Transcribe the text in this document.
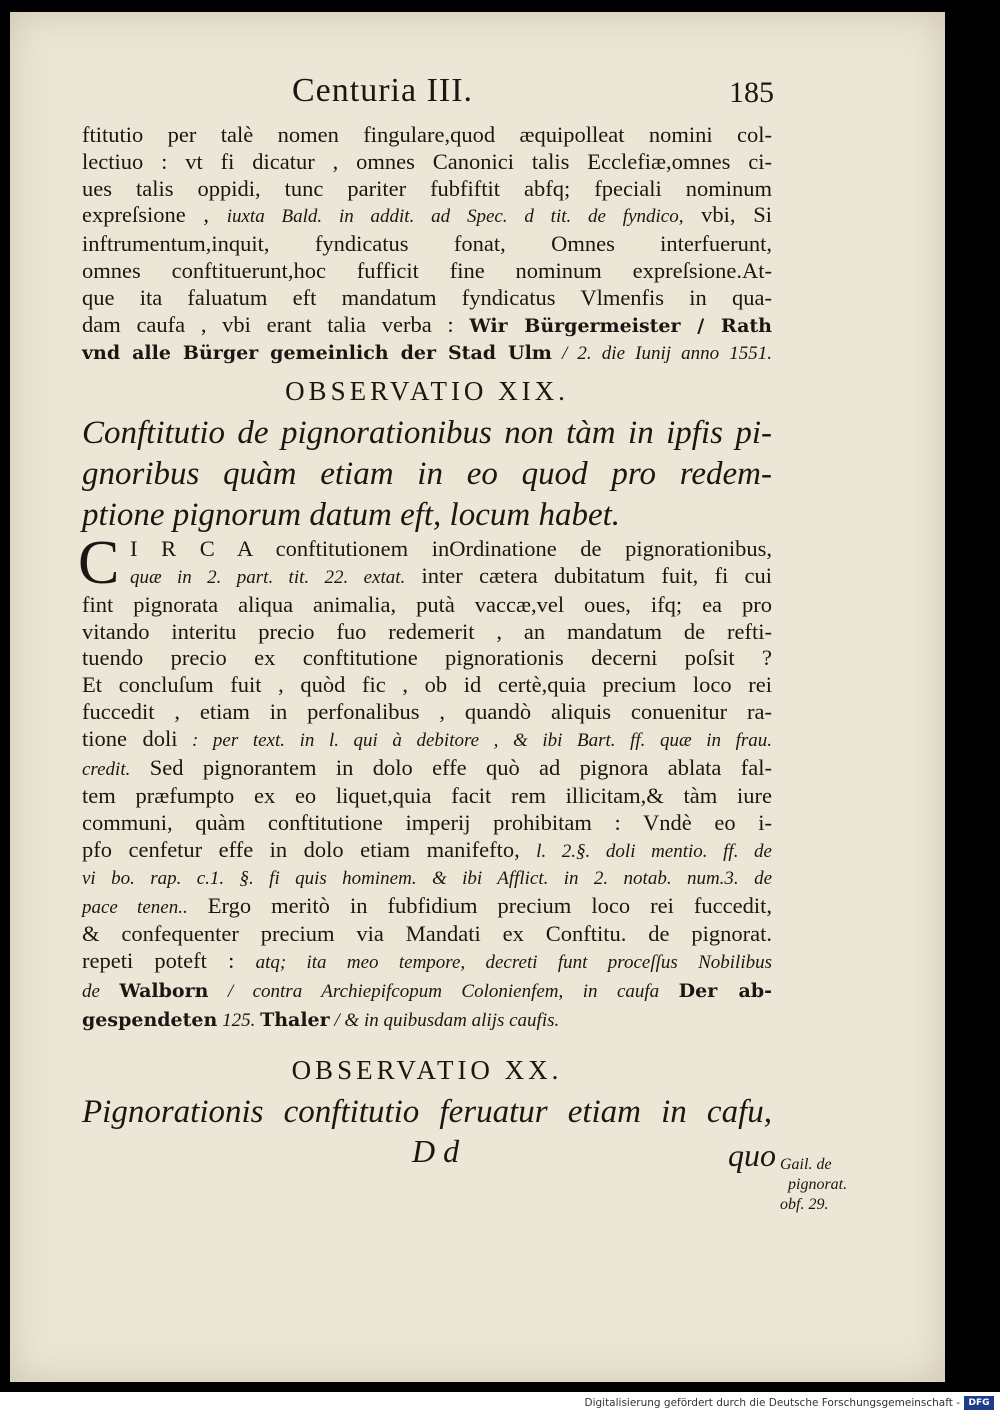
Centuria III.	185
ftitutio per talè nomen fingulare,quod æquipolleat nomini col-
lectiuo : vt fi dicatur , omnes Canonici talis Ecclefiæ,omnes ci-
ues talis oppidi, tunc pariter fubfiftit abfq; fpeciali nominum
expreſsione , iuxta Bald. in addit. ad Spec. d tit. de fyndico, vbi, Si
inftrumentum,inquit, fyndicatus fonat, Omnes interfuerunt,
omnes conftituerunt,hoc fufficit fine nominum expreſsione.At-
que ita faluatum eft mandatum fyndicatus Vlmenfis in qua-
dam caufa , vbi erant talia verba : Wir Bürgermeister / Rath
vnd alle Bürger gemeinlich der Stad Ulm / 2. die Iunij anno 1551.
OBSERVATIO XIX.
Conftitutio de pignorationibus non tàm in ipfis pi-
gnoribus quàm etiam in eo quod pro redem-
ptione pignorum datum eft, locum habet.
C I R C A conftitutionem inOrdinatione de pignorationibus,
quæ in 2. part. tit. 22. extat. inter cætera dubitatum fuit, fi cui
fint pignorata aliqua animalia, putà vaccæ,vel oues, ifq; ea pro
vitando interitu precio fuo redemerit , an mandatum de refti-
tuendo precio ex conftitutione pignorationis decerni poſsit ?
Et concluſum fuit , quòd fic , ob id certè,quia precium loco rei
fuccedit , etiam in perfonalibus , quandò aliquis conuenitur ra-
tione doli : per text. in l. qui à debitore , & ibi Bart. ff. quæ in frau.
credit. Sed pignorantem in dolo effe quò ad pignora ablata fal-
tem præfumpto ex eo liquet,quia facit rem illicitam,& tàm iure
communi, quàm conftitutione imperij prohibitam : Vndè eo i-
pfo cenfetur effe in dolo etiam manifefto, l. 2.§. doli mentio. ff. de
vi bo. rap. c.1. §. fi quis hominem. & ibi Afflict. in 2. notab. num.3. de
pace tenen.. Ergo meritò in fubfidium precium loco rei fuccedit,
& confequenter precium via Mandati ex Conftitu. de pignorat.
repeti poteft : atq; ita meo tempore, decreti funt proceſſus Nobilibus
de Walborn / contra Archiepifcopum Colonienfem, in caufa Der ab-
gespendeten 125. Thaler / & in quibusdam alijs caufis.
OBSERVATIO XX.
Pignorationis conftitutio feruatur etiam in cafu,
D d	quo Gail. de
pignorat.
obf. 29.
Digitalisierung gefördert durch die Deutsche Forschungsgemeinschaft - DFG
